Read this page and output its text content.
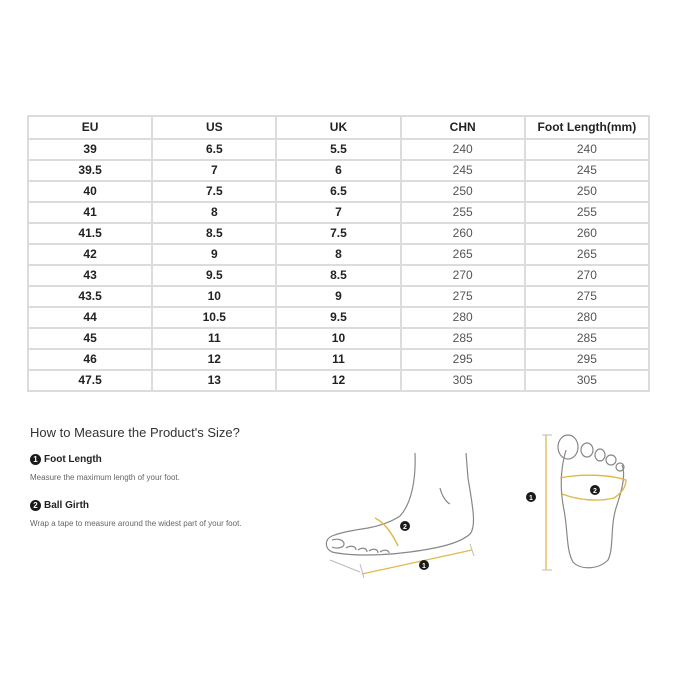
EU	US	UK	CHN	Foot Length(mm)
39	6.5	5.5	240	240
39.5	7	6	245	245
40	7.5	6.5	250	250
41	8	7	255	255
41.5	8.5	7.5	260	260
42	9	8	265	265
43	9.5	8.5	270	270
43.5	10	9	275	275
44	10.5	9.5	280	280
45	11	10	285	285
46	12	11	295	295
47.5	13	12	305	305
How to Measure the Product's Size?
1 Foot Length
Measure the maximum length of your foot.
2 Ball Girth
Wrap a tape to measure around the widest part of your foot.	2
1
1
2
